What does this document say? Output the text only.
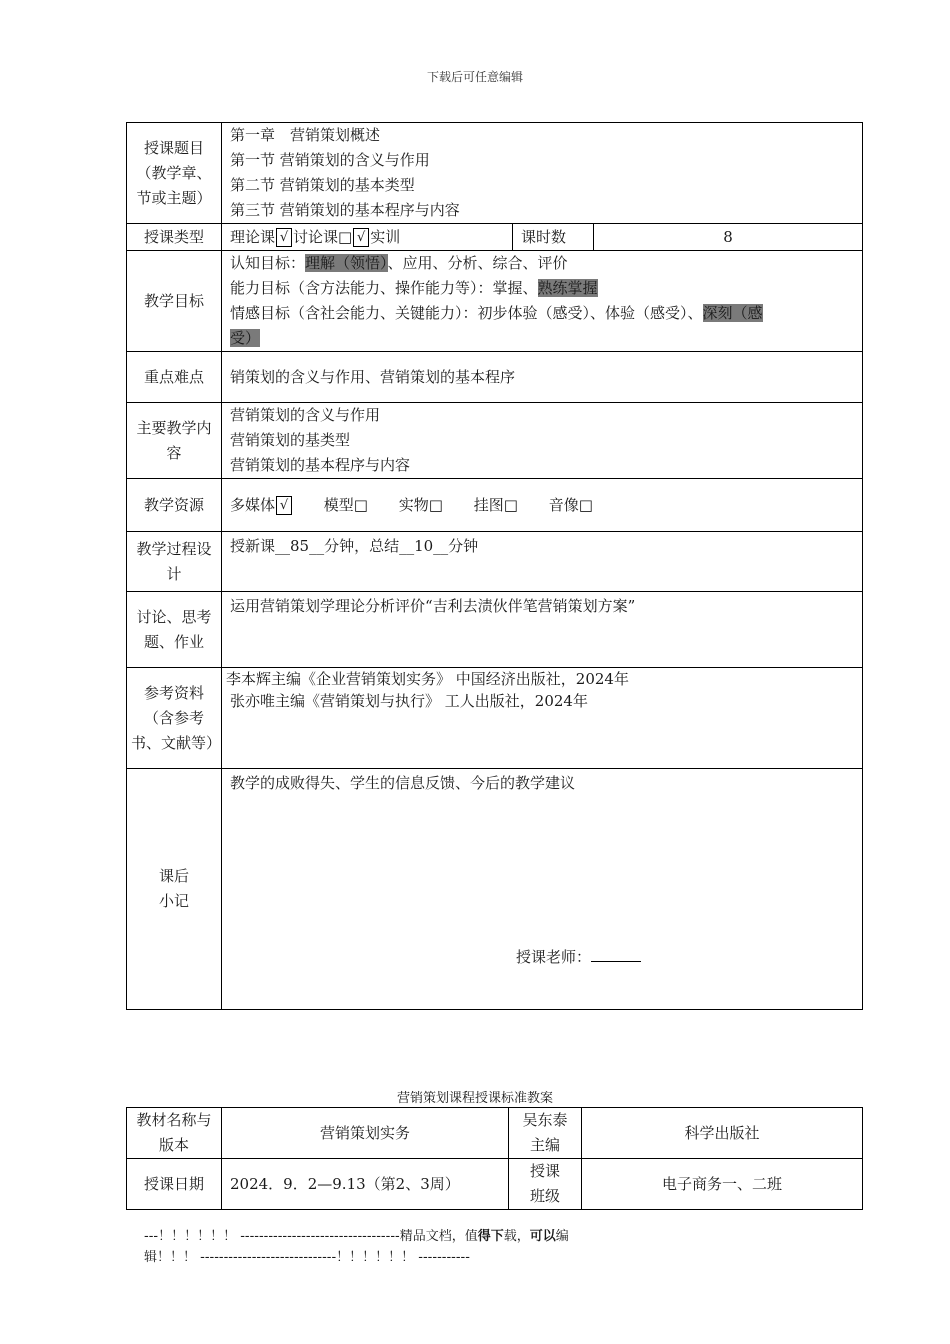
下载后可任意编辑
授课题目（教学章、节或主题）	第一章　营销策划概述
第一节 营销策划的含义与作用
第二节 营销策划的基本类型
第三节 营销策划的基本程序与内容		

授课类型	理论课 √ 讨论课□ √ 实训	课时数	8
教学目标	认知目标：理解（领悟）、应用、分析、综合、评价
能力目标（含方法能力、操作能力等）：掌握、熟练掌握
情感目标（含社会能力、关键能力）：初步体验（感受）、体验（感受）、深刻（感
受）		

重点难点	销策划的含义与作用、营销策划的基本程序		
主要教学内容	营销策划的含义与作用
营销策划的基类型
营销策划的基本程序与内容		

教学资源	多媒体 √ 模型□ 实物□ 挂图□ 音像□		
教学过程设　计	授新课__85__分钟，总结__10__分钟		
讨论、思考题、作业	运用营销策划学理论分析评价“吉利去渍伙伴笔营销策划方案”		
参考资料（含参考书、文献等）	李本辉主编《企业营销策划实务》 中国经济出版社，2024年
张亦唯主编《营销策划与执行》 工人出版社，2024年		

课后小记	教学的成败得失、学生的信息反馈、今后的教学建议
授课老师：		
营销策划课程授课标准教案
教材名称与版本	营销策划实务	吴东泰主编	科学出版社
授课日期	2024．9．2—9.13（第2、3周）	授课班级	电子商务一、二班
---！！！！！！ ----------------------------------精品文档，值得下载，可以编
辑！！！ -----------------------------！！！！！！ -----------
